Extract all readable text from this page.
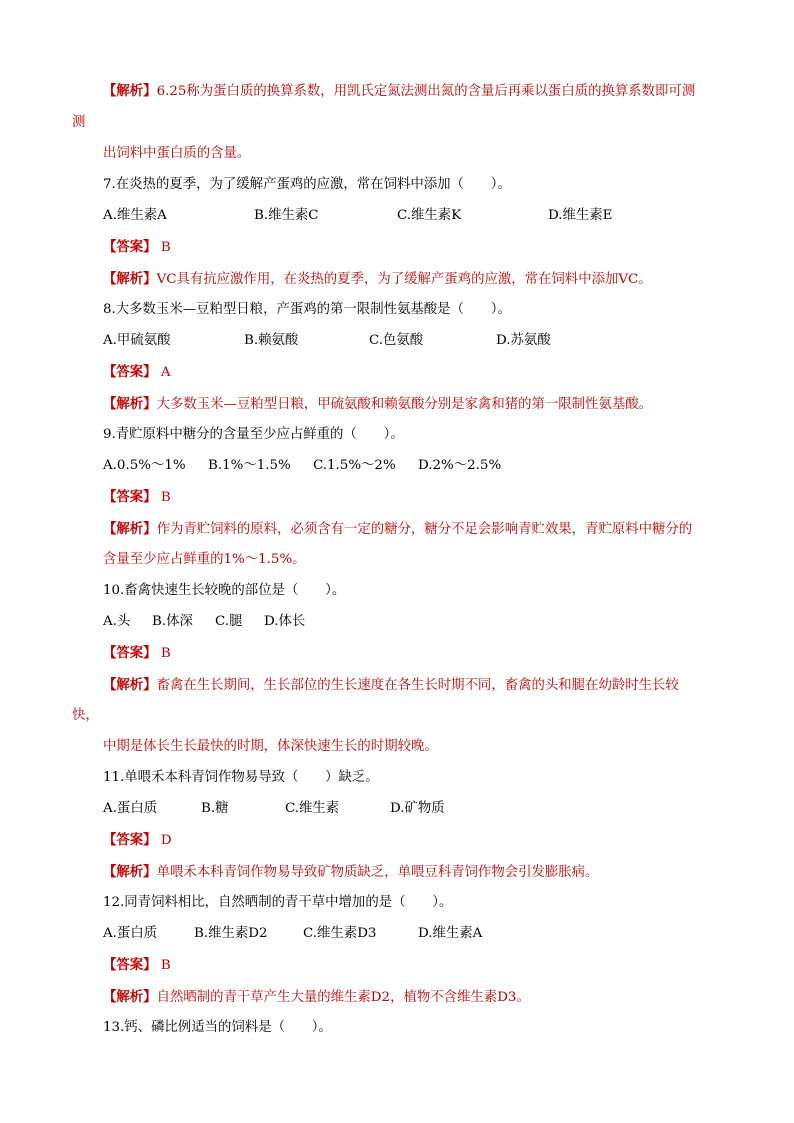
【解析】6.25称为蛋白质的换算系数，用凯氏定氮法测出氮的含量后再乘以蛋白质的换算系数即可测
测
出饲料中蛋白质的含量。
7.在炎热的夏季，为了缓解产蛋鸡的应激，常在饲料中添加（　　）。
A.维生素A	B.维生素C	C.维生素K	D.维生素E
【答案】 B
【解析】VC具有抗应激作用，在炎热的夏季，为了缓解产蛋鸡的应激，常在饲料中添加VC。
8.大多数玉米—豆粕型日粮，产蛋鸡的第一限制性氨基酸是（　　）。
A.甲硫氨酸	B.赖氨酸	C.色氨酸	D.苏氨酸
【答案】 A
【解析】大多数玉米—豆粕型日粮，甲硫氨酸和赖氨酸分别是家禽和猪的第一限制性氨基酸。
9.青贮原料中糖分的含量至少应占鲜重的（　　）。
A.0.5%～1% B.1%～1.5% C.1.5%～2% D.2%～2.5%
【答案】 B
【解析】作为青贮饲料的原料，必须含有一定的糖分，糖分不足会影响青贮效果，青贮原料中糖分的
含量至少应占鲜重的1%～1.5%。
10.畜禽快速生长较晚的部位是（　　）。
A.头 B.体深 C.腿 D.体长
【答案】 B
【解析】畜禽在生长期间，生长部位的生长速度在各生长时期不同，畜禽的头和腿在幼龄时生长较
快，
中期是体长生长最快的时期，体深快速生长的时期较晚。
11.单喂禾本科青饲作物易导致（　　）缺乏。
A.蛋白质	B.糖	C.维生素	D.矿物质
【答案】 D
【解析】单喂禾本科青饲作物易导致矿物质缺乏，单喂豆科青饲作物会引发膨胀病。
12.同青饲料相比，自然晒制的青干草中增加的是（　　）。
A.蛋白质	B.维生素D2	C.维生素D3	D.维生素A
【答案】 B
【解析】自然晒制的青干草产生大量的维生素D2，植物不含维生素D3。
13.钙、磷比例适当的饲料是（　　）。
